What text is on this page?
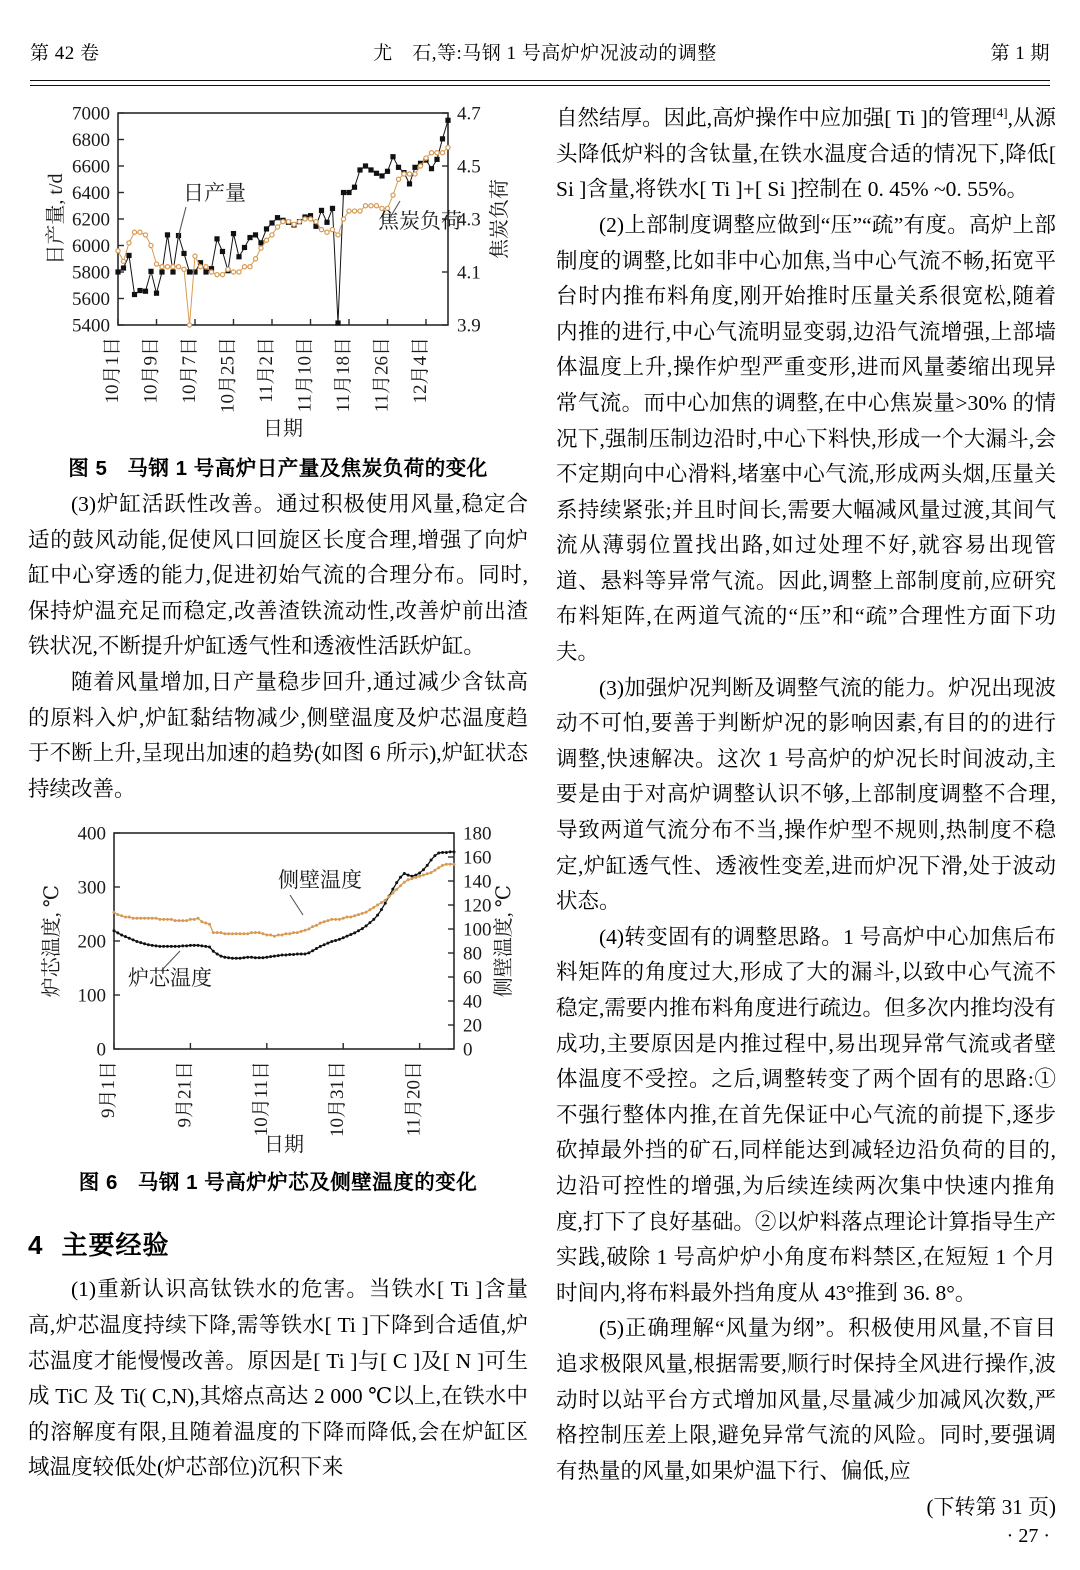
第 42 卷	尤　石,等:马钢 1 号高炉炉况波动的调整	第 1 期
5400
5600
5800
6000
6200
6400
6600
6800
7000
3.9
4.1
4.3
4.5
4.7
10月1日 10月9日 10月7日 10月25日 11月2日 11月10日 11月18日 11月26日 12月4日
日产量, t/d	焦炭负荷
日期
日产量
焦炭负荷
图 5 马钢 1 号高炉日产量及焦炭负荷的变化

(3)炉缸活跃性改善。通过积极使用风量,稳定合适的鼓风动能,促使风口回旋区长度合理,增强了向炉缸中心穿透的能力,促进初始气流的合理分布。同时,保持炉温充足而稳定,改善渣铁流动性,改善炉前出渣铁状况,不断提升炉缸透气性和透液性活跃炉缸。

随着风量增加,日产量稳步回升,通过减少含钛高的原料入炉,炉缸黏结物减少,侧壁温度及炉芯温度趋于不断上升,呈现出加速的趋势(如图 6 所示),炉缸状态持续改善。

0
100
200
300
400
0
20
40
60
80
100
120
140
160
180
9月1日	9月21日	10月11日	10月31日	11月20日
炉芯温度, ℃	侧壁温度, ℃
日期
侧壁温度
炉芯温度
图 6 马钢 1 号高炉炉芯及侧壁温度的变化
4 主要经验

(1)重新认识高钛铁水的危害。当铁水[ Ti ]含量高,炉芯温度持续下降,需等铁水[ Ti ]下降到合适值,炉芯温度才能慢慢改善。原因是[ Ti ]与[ C ]及[ N ]可生成 TiC 及 Ti( C,N),其熔点高达 2 000 ℃以上,在铁水中的溶解度有限,且随着温度的下降而降低,会在炉缸区域温度较低处(炉芯部位)沉积下来

自然结厚。因此,高炉操作中应加强[ Ti ]的管理[4],从源头降低炉料的含钛量,在铁水温度合适的情况下,降低[ Si ]含量,将铁水[ Ti ]+[ Si ]控制在 0. 45% ~0. 55%。

(2)上部制度调整应做到“压”“疏”有度。高炉上部制度的调整,比如非中心加焦,当中心气流不畅,拓宽平台时内推布料角度,刚开始推时压量关系很宽松,随着内推的进行,中心气流明显变弱,边沿气流增强,上部墙体温度上升,操作炉型严重变形,进而风量萎缩出现异常气流。而中心加焦的调整,在中心焦炭量>30% 的情况下,强制压制边沿时,中心下料快,形成一个大漏斗,会不定期向中心滑料,堵塞中心气流,形成两头烟,压量关系持续紧张;并且时间长,需要大幅减风量过渡,其间气流从薄弱位置找出路,如过处理不好,就容易出现管道、悬料等异常气流。因此,调整上部制度前,应研究布料矩阵,在两道气流的“压”和“疏”合理性方面下功夫。

(3)加强炉况判断及调整气流的能力。炉况出现波动不可怕,要善于判断炉况的影响因素,有目的的进行调整,快速解决。这次 1 号高炉的炉况长时间波动,主要是由于对高炉调整认识不够,上部制度调整不合理,导致两道气流分布不当,操作炉型不规则,热制度不稳定,炉缸透气性、透液性变差,进而炉况下滑,处于波动状态。

(4)转变固有的调整思路。1 号高炉中心加焦后布料矩阵的角度过大,形成了大的漏斗,以致中心气流不稳定,需要内推布料角度进行疏边。但多次内推均没有成功,主要原因是内推过程中,易出现异常气流或者壁体温度不受控。之后,调整转变了两个固有的思路:①不强行整体内推,在首先保证中心气流的前提下,逐步砍掉最外挡的矿石,同样能达到减轻边沿负荷的目的,边沿可控性的增强,为后续连续两次集中快速内推角度,打下了良好基础。②以炉料落点理论计算指导生产实践,破除 1 号高炉炉小角度布料禁区,在短短 1 个月时间内,将布料最外挡角度从 43°推到 36. 8°。

(5)正确理解“风量为纲”。积极使用风量,不盲目追求极限风量,根据需要,顺行时保持全风进行操作,波动时以站平台方式增加风量,尽量减少加减风次数,严格控制压差上限,避免异常气流的风险。同时,要强调有热量的风量,如果炉温下行、偏低,应

(下转第 31 页)
· 27 ·
